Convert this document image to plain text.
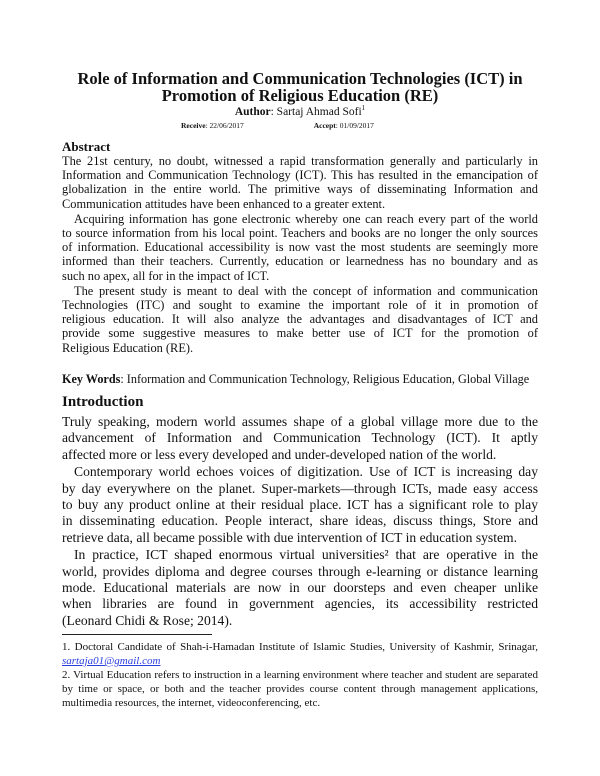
Role of Information and Communication Technologies (ICT) in
Promotion of Religious Education (RE)
Author: Sartaj Ahmad Sofi$^1$
Receive: 22/06/2017	Accept: 01/09/2017
Abstract
The 21st century, no doubt, witnessed a rapid transformation generally and particularly in
Information and Communication Technology (ICT). This has resulted in the emancipation of
globalization in the entire world. The primitive ways of disseminating Information and
Communication attitudes have been enhanced to a greater extent.
Acquiring information has gone electronic whereby one can reach every part of the world
to source information from his local point. Teachers and books are no longer the only sources
of information. Educational accessibility is now vast the most students are seemingly more
informed than their teachers. Currently, education or learnedness has no boundary and as
such no apex, all for in the impact of ICT.
The present study is meant to deal with the concept of information and communication
Technologies (ITC) and sought to examine the important role of it in promotion of
religious education. It will also analyze the advantages and disadvantages of ICT and
provide some suggestive measures to make better use of ICT for the promotion of
Religious Education (RE).
Key Words: Information and Communication Technology, Religious Education, Global Village
Introduction
Truly speaking, modern world assumes shape of a global village more due to the
advancement of Information and Communication Technology (ICT). It aptly
affected more or less every developed and under-developed nation of the world.
Contemporary world echoes voices of digitization. Use of ICT is increasing day
by day everywhere on the planet. Super-markets—through ICTs, made easy access
to buy any product online at their residual place. ICT has a significant role to play
in disseminating education. People interact, share ideas, discuss things, Store and
retrieve data, all became possible with due intervention of ICT in education system.
In practice, ICT shaped enormous virtual universities² that are operative in the
world, provides diploma and degree courses through e-learning or distance learning
mode. Educational materials are now in our doorsteps and even cheaper unlike
when libraries are found in government agencies, its accessibility restricted
(Leonard Chidi & Rose; 2014).
1. Doctoral Candidate of Shah-i-Hamadan Institute of Islamic Studies, University of Kashmir, Srinagar,
sartaja01@gmail.com
2. Virtual Education refers to instruction in a learning environment where teacher and student are separated
by time or space, or both and the teacher provides course content through management applications,
multimedia resources, the internet, videoconferencing, etc.
